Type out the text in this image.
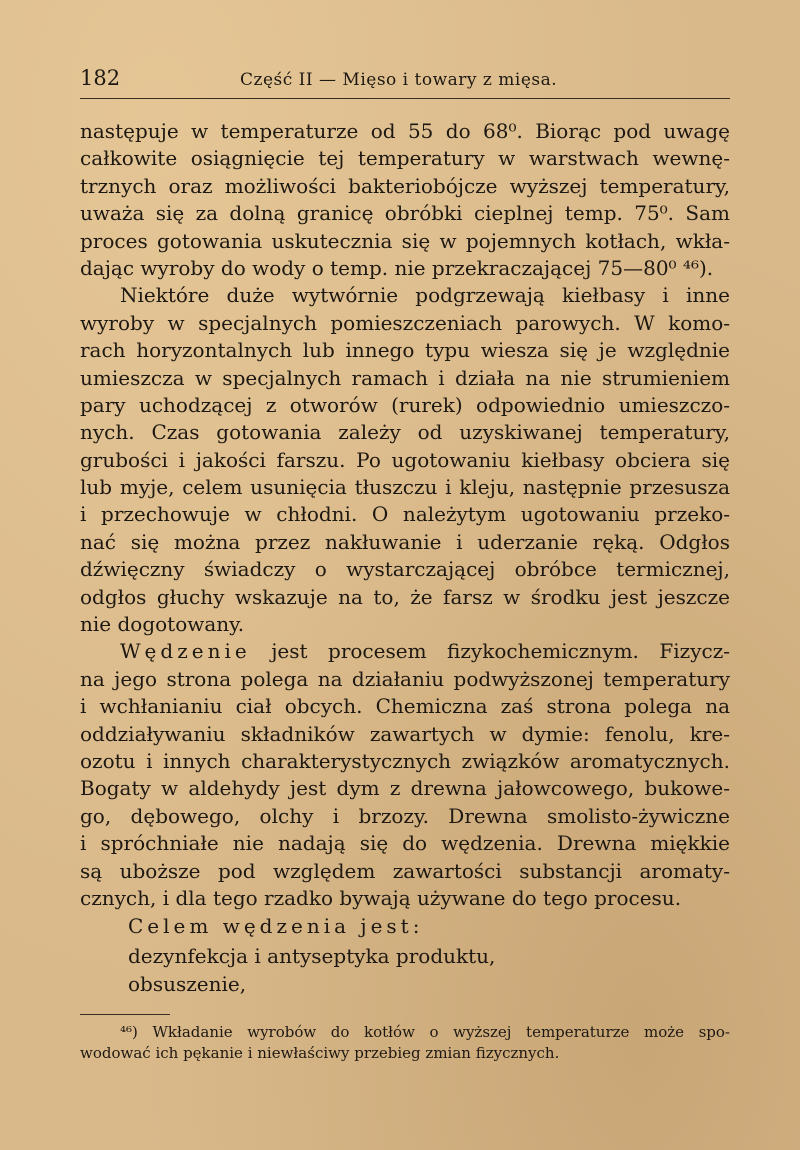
182	Część II — Mięso i towary z mięsa.
następuje w temperaturze od 55 do 68⁰. Biorąc pod uwagę
całkowite osiągnięcie tej temperatury w warstwach wewnę-
trznych oraz możliwości bakteriobójcze wyższej temperatury,
uważa się za dolną granicę obróbki cieplnej temp. 75⁰. Sam
proces gotowania uskutecznia się w pojemnych kotłach, wkła-
dając wyroby do wody o temp. nie przekraczającej 75—80⁰ ⁴⁶).
Niektóre duże wytwórnie podgrzewają kiełbasy i inne
wyroby w specjalnych pomieszczeniach parowych. W komo-
rach horyzontalnych lub innego typu wiesza się je względnie
umieszcza w specjalnych ramach i działa na nie strumieniem
pary uchodzącej z otworów (rurek) odpowiednio umieszczo-
nych. Czas gotowania zależy od uzyskiwanej temperatury,
grubości i jakości farszu. Po ugotowaniu kiełbasy obciera się
lub myje, celem usunięcia tłuszczu i kleju, następnie przesusza
i przechowuje w chłodni. O należytym ugotowaniu przeko-
nać się można przez nakłuwanie i uderzanie ręką. Odgłos
dźwięczny świadczy o wystarczającej obróbce termicznej,
odgłos głuchy wskazuje na to, że farsz w środku jest jeszcze
nie dogotowany.
Wędzenie jest procesem fizykochemicznym. Fizycz-
na jego strona polega na działaniu podwyższonej temperatury
i wchłanianiu ciał obcych. Chemiczna zaś strona polega na
oddziaływaniu składników zawartych w dymie: fenolu, kre-
ozotu i innych charakterystycznych związków aromatycznych.
Bogaty w aldehydy jest dym z drewna jałowcowego, bukowe-
go, dębowego, olchy i brzozy. Drewna smolisto-żywiczne
i spróchniałe nie nadają się do wędzenia. Drewna miękkie
są uboższe pod względem zawartości substancji aromaty-
cznych, i dla tego rzadko bywają używane do tego procesu.
Celem wędzenia jest:
dezynfekcja i antyseptyka produktu,
obsuszenie,
⁴⁶) Wkładanie wyrobów do kotłów o wyższej temperaturze może spo-
wodować ich pękanie i niewłaściwy przebieg zmian fizycznych.
